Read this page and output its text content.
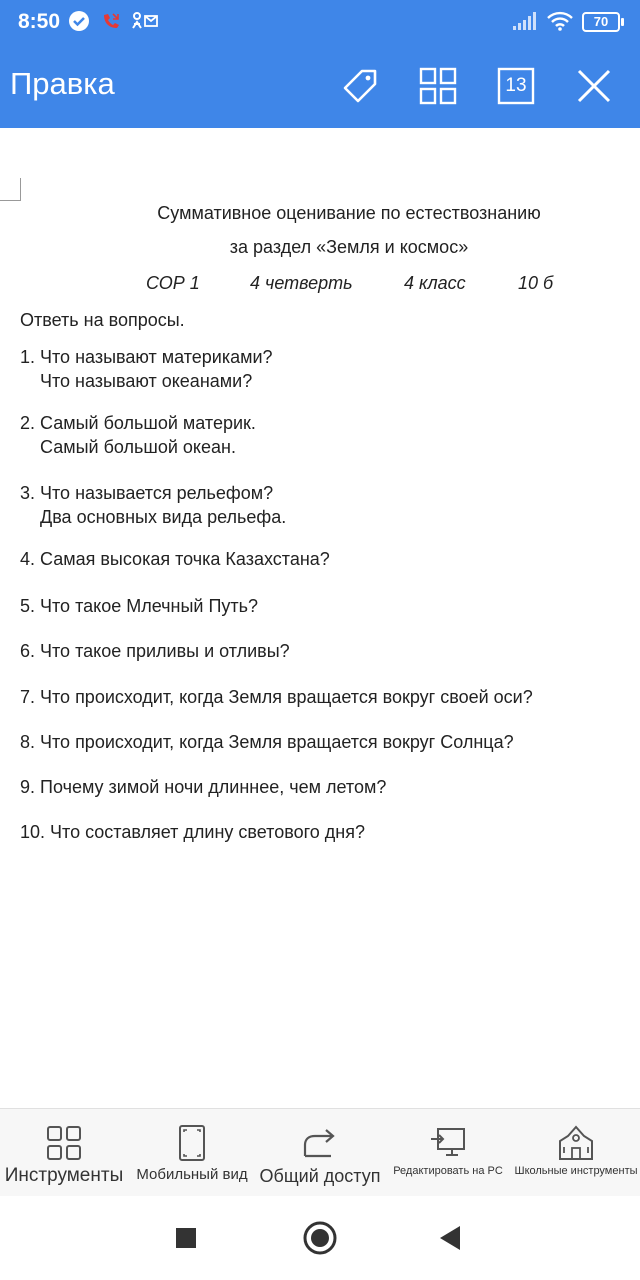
8:50	70
Правка	13
Суммативное оценивание по естествознанию
за раздел «Земля и космос»
СОР 1	4 четверть	4 класс	10 б
Ответь на вопросы.
1. Что называют материками?
Что называют океанами?
2. Самый большой материк.
Самый большой океан.
3. Что называется рельефом?
Два основных вида рельефа.
4. Самая высокая точка Казахстана?
5. Что такое Млечный Путь?
6. Что такое приливы и отливы?
7. Что происходит, когда Земля вращается вокруг своей оси?
8. Что происходит, когда Земля вращается вокруг Солнца?
9. Почему зимой ночи длиннее, чем летом?
10. Что составляет длину светового дня?
Инструменты Мобильный вид Общий доступ	Редактировать на PC	Школьные инструменты
